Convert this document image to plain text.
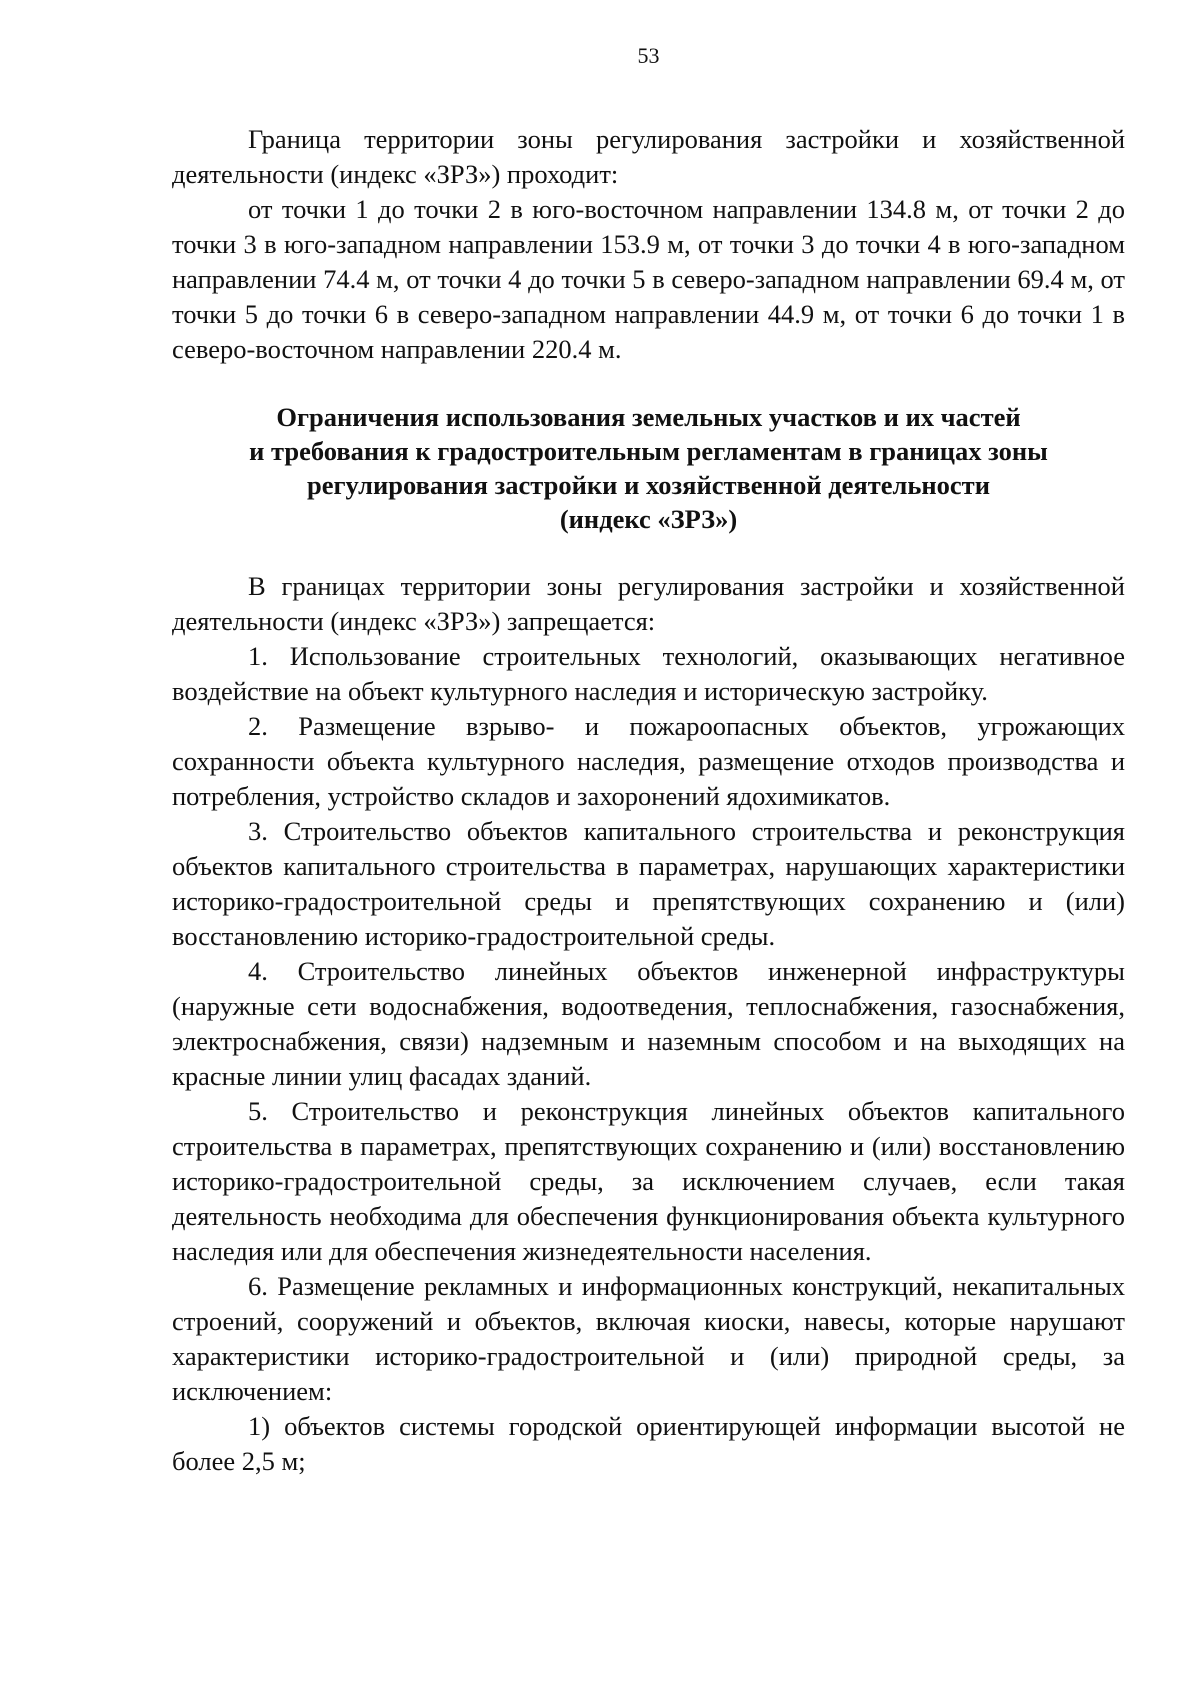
53

Граница территории зоны регулирования застройки и хозяйственной деятельности (индекс «ЗРЗ») проходит:

от точки 1 до точки 2 в юго-восточном направлении 134.8 м, от точки 2 до точки 3 в юго-западном направлении 153.9 м, от точки 3 до точки 4 в юго-западном направлении 74.4 м, от точки 4 до точки 5 в северо-западном направлении 69.4 м, от точки 5 до точки 6 в северо-западном направлении 44.9 м, от точки 6 до точки 1 в северо-восточном направлении 220.4 м.

Ограничения использования земельных участков и их частей
и требования к градостроительным регламентам в границах зоны
регулирования застройки и хозяйственной деятельности
(индекс «ЗРЗ»)

В границах территории зоны регулирования застройки и хозяйственной деятельности (индекс «ЗРЗ») запрещается:

1. Использование строительных технологий, оказывающих негативное воздействие на объект культурного наследия и историческую застройку.

2. Размещение взрыво- и пожароопасных объектов, угрожающих сохранности объекта культурного наследия, размещение отходов производства и потребления, устройство складов и захоронений ядохимикатов.

3. Строительство объектов капитального строительства и реконструкция объектов капитального строительства в параметрах, нарушающих характеристики историко-градостроительной среды и препятствующих сохранению и (или) восстановлению историко-градостроительной среды.

4. Строительство линейных объектов инженерной инфраструктуры (наружные сети водоснабжения, водоотведения, теплоснабжения, газоснабжения, электроснабжения, связи) надземным и наземным способом и на выходящих на красные линии улиц фасадах зданий.

5. Строительство и реконструкция линейных объектов капитального строительства в параметрах, препятствующих сохранению и (или) восстановлению историко-градостроительной среды, за исключением случаев, если такая деятельность необходима для обеспечения функционирования объекта культурного наследия или для обеспечения жизнедеятельности населения.

6. Размещение рекламных и информационных конструкций, некапитальных строений, сооружений и объектов, включая киоски, навесы, которые нарушают характеристики историко-градостроительной и (или) природной среды, за исключением:

1) объектов системы городской ориентирующей информации высотой не более 2,5 м;
